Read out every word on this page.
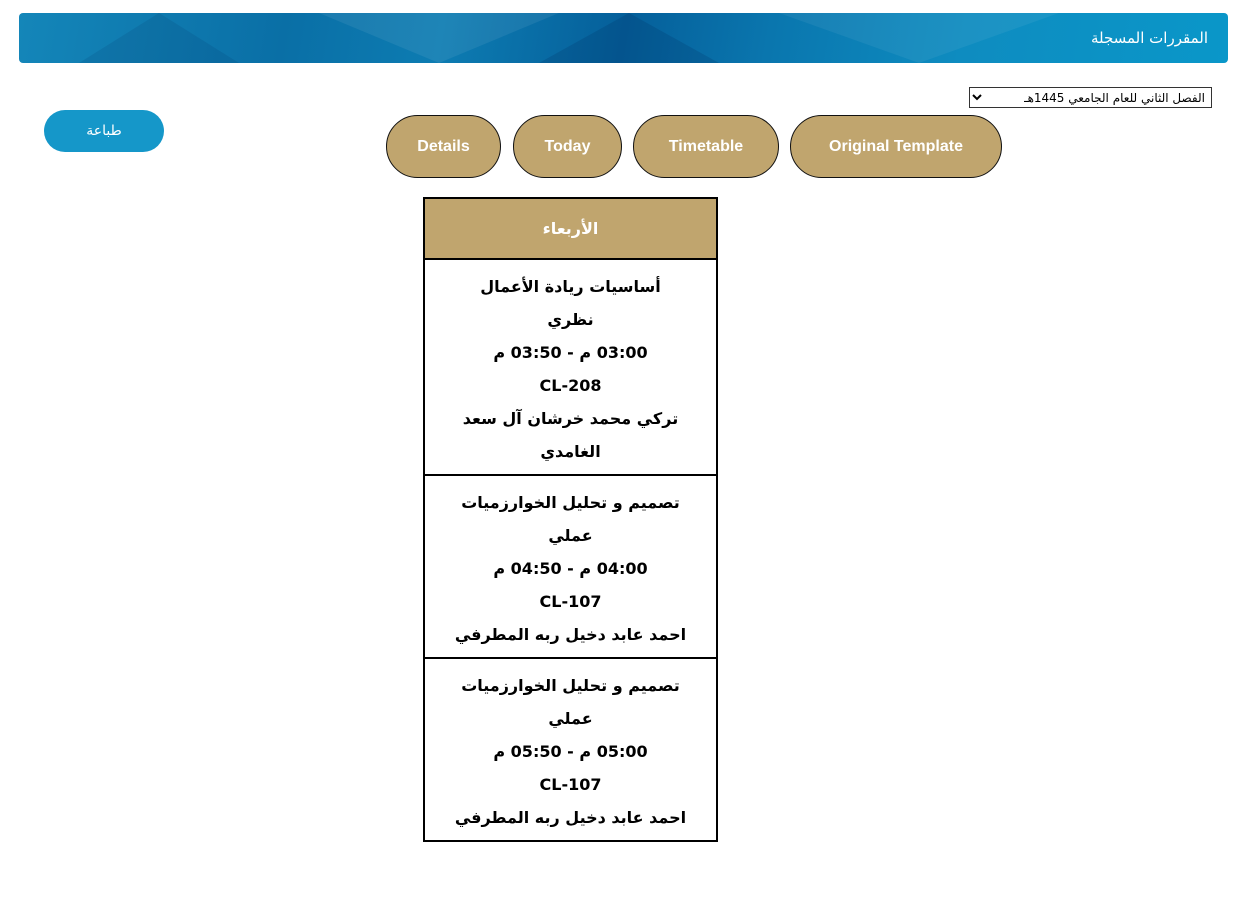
المقررات المسجلة
الفصل الثاني للعام الجامعي 1445هـ
طباعة
Details	Today	Timetable	Original Template
الأربعاء
أساسيات ريادة الأعمال
نظري
03:00 م - 03:50 م
CL-208
تركي محمد خرشان آل سعد الغامدي
تصميم و تحليل الخوارزميات
عملي
04:00 م - 04:50 م
CL-107
احمد عابد دخيل ربه المطرفي
تصميم و تحليل الخوارزميات
عملي
05:00 م - 05:50 م
CL-107
احمد عابد دخيل ربه المطرفي
